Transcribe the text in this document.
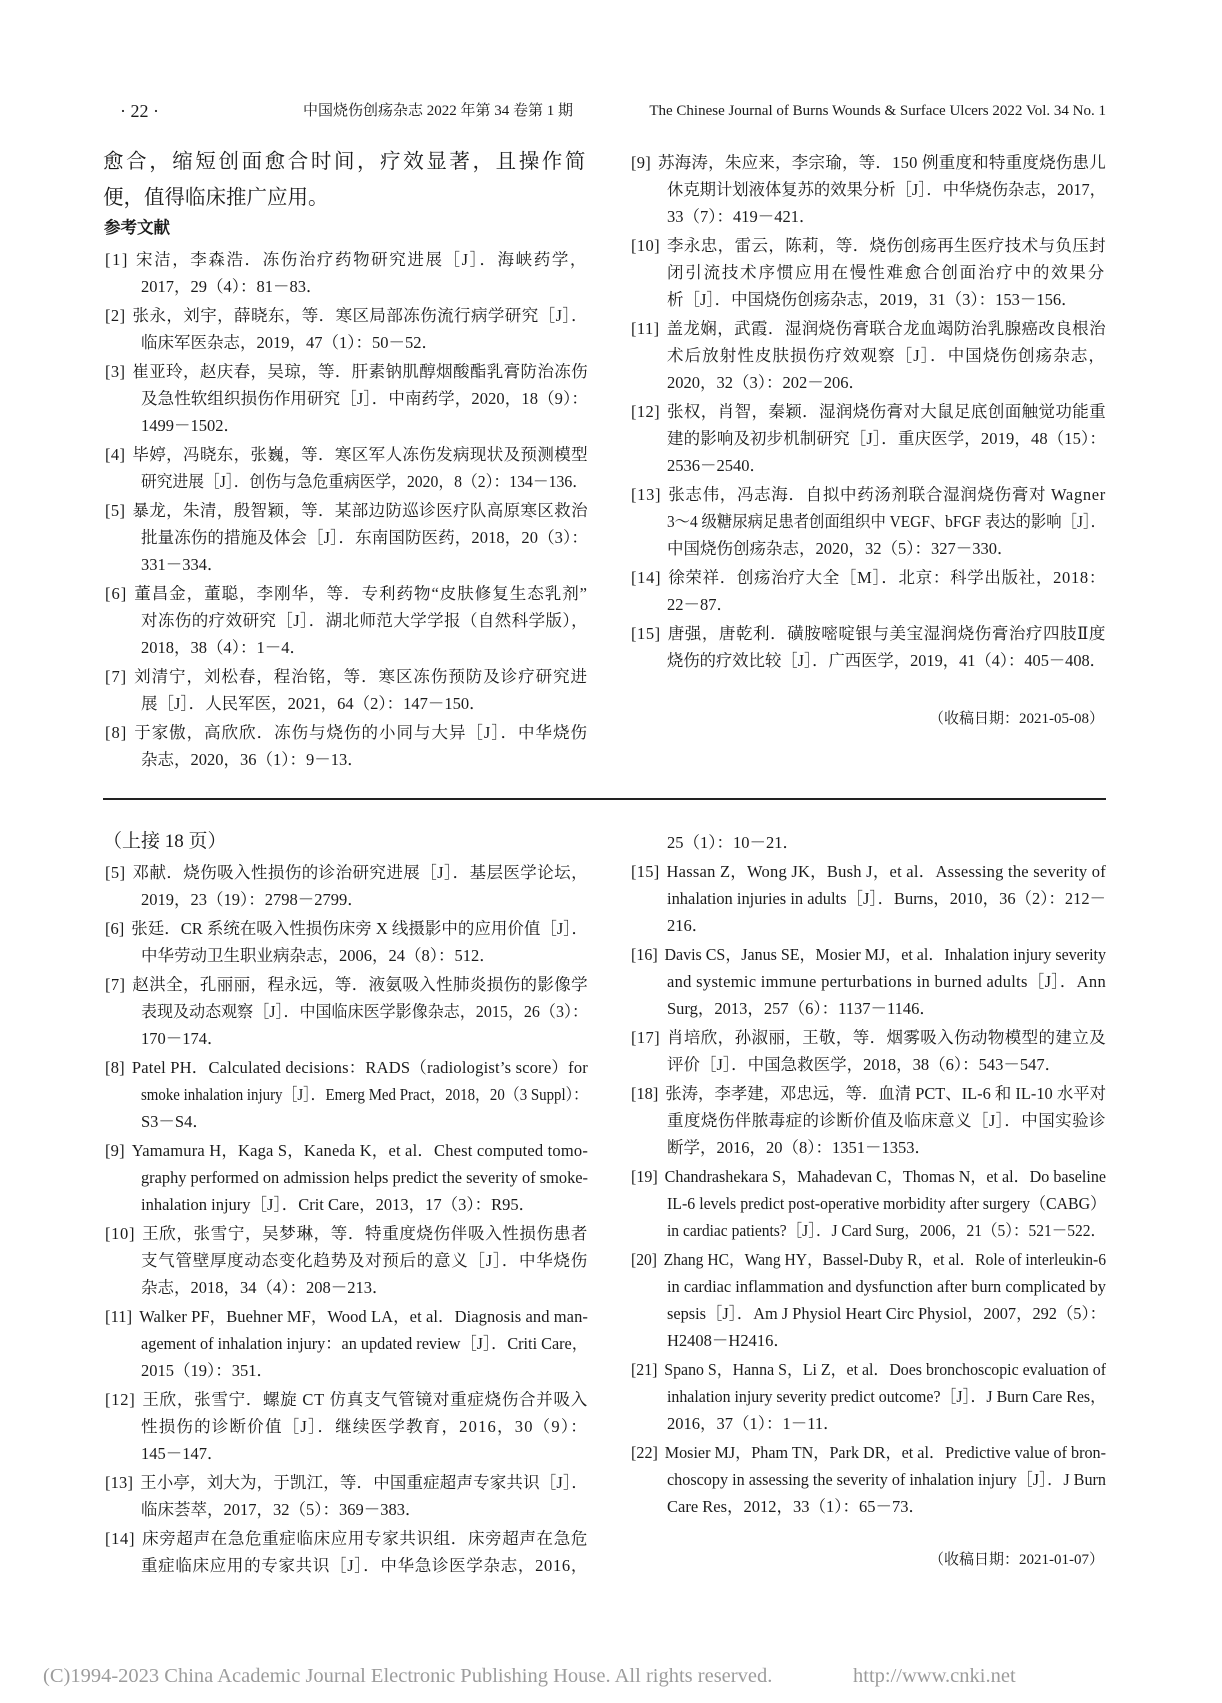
· 22 ·	中国烧伤创疡杂志 2022 年第 34 卷第 1 期	The Chinese Journal of Burns Wounds & Surface Ulcers 2022 Vol. 34 No. 1
愈合，缩短创面愈合时间，疗效显著，且操作简
便，值得临床推广应用。
参考文献
[1] 宋洁，李森浩．冻伤治疗药物研究进展［J］．海峡药学，
2017，29（4）：81－83．
[2] 张永，刘宇，薛晓东，等．寒区局部冻伤流行病学研究［J］．
临床军医杂志，2019，47（1）：50－52．
[3] 崔亚玲，赵庆春，吴琼，等．肝素钠肌醇烟酸酯乳膏防治冻伤
及急性软组织损伤作用研究［J］．中南药学，2020，18（9）：
1499－1502．
[4] 毕婷，冯晓东，张巍，等．寒区军人冻伤发病现状及预测模型
研究进展［J］．创伤与急危重病医学，2020，8（2）：134－136．
[5] 暴龙，朱清，殷智颖，等．某部边防巡诊医疗队高原寒区救治
批量冻伤的措施及体会［J］．东南国防医药，2018，20（3）：
331－334．
[6] 董昌金，董聪，李刚华，等．专利药物“皮肤修复生态乳剂”
对冻伤的疗效研究［J］．湖北师范大学学报（自然科学版），
2018，38（4）：1－4．
[7] 刘清宁，刘松春，程治铭，等．寒区冻伤预防及诊疗研究进
展［J］．人民军医，2021，64（2）：147－150．
[8] 于家傲，高欣欣．冻伤与烧伤的小同与大异［J］．中华烧伤
杂志，2020，36（1）：9－13．
[9] 苏海涛，朱应来，李宗瑜，等．150 例重度和特重度烧伤患儿
休克期计划液体复苏的效果分析［J］．中华烧伤杂志，2017，
33（7）：419－421．
[10] 李永忠，雷云，陈莉，等．烧伤创疡再生医疗技术与负压封
闭引流技术序惯应用在慢性难愈合创面治疗中的效果分
析［J］．中国烧伤创疡杂志，2019，31（3）：153－156．
[11] 盖龙娴，武霞．湿润烧伤膏联合龙血竭防治乳腺癌改良根治
术后放射性皮肤损伤疗效观察［J］．中国烧伤创疡杂志，
2020，32（3）：202－206．
[12] 张权，肖智，秦颖．湿润烧伤膏对大鼠足底创面触觉功能重
建的影响及初步机制研究［J］．重庆医学，2019，48（15）：
2536－2540．
[13] 张志伟，冯志海．自拟中药汤剂联合湿润烧伤膏对 Wagner
3～4 级糖尿病足患者创面组织中 VEGF、bFGF 表达的影响［J］．
中国烧伤创疡杂志，2020，32（5）：327－330．
[14] 徐荣祥．创疡治疗大全［M］．北京：科学出版社，2018：
22－87．
[15] 唐强，唐乾利．磺胺嘧啶银与美宝湿润烧伤膏治疗四肢Ⅱ度
烧伤的疗效比较［J］．广西医学，2019，41（4）：405－408．
（收稿日期：2021-05-08）
（上接 18 页）
[5] 邓献．烧伤吸入性损伤的诊治研究进展［J］．基层医学论坛，
2019，23（19）：2798－2799．
[6] 张廷．CR 系统在吸入性损伤床旁 X 线摄影中的应用价值［J］．
中华劳动卫生职业病杂志，2006，24（8）：512．
[7] 赵洪全，孔丽丽，程永远，等．液氨吸入性肺炎损伤的影像学
表现及动态观察［J］．中国临床医学影像杂志，2015，26（3）：
170－174．
[8] Patel PH．Calculated decisions：RADS（radiologist’s score）for
smoke inhalation injury［J］．Emerg Med Pract，2018，20（3 Suppl）：
S3－S4．
[9] Yamamura H，Kaga S，Kaneda K，et al．Chest computed tomo-
graphy performed on admission helps predict the severity of smoke-
inhalation injury［J］．Crit Care，2013，17（3）：R95．
[10] 王欣，张雪宁，吴梦琳，等．特重度烧伤伴吸入性损伤患者
支气管壁厚度动态变化趋势及对预后的意义［J］．中华烧伤
杂志，2018，34（4）：208－213．
[11] Walker PF，Buehner MF，Wood LA，et al．Diagnosis and man-
agement of inhalation injury：an updated review［J］．Criti Care，
2015（19）：351．
[12] 王欣，张雪宁．螺旋 CT 仿真支气管镜对重症烧伤合并吸入
性损伤的诊断价值［J］．继续医学教育，2016，30（9）：
145－147．
[13] 王小亭，刘大为，于凯江，等．中国重症超声专家共识［J］．
临床荟萃，2017，32（5）：369－383．
[14] 床旁超声在急危重症临床应用专家共识组．床旁超声在急危
重症临床应用的专家共识［J］．中华急诊医学杂志，2016，
25（1）：10－21．
[15] Hassan Z，Wong JK，Bush J，et al．Assessing the severity of
inhalation injuries in adults［J］．Burns，2010，36（2）：212－
216．
[16] Davis CS，Janus SE，Mosier MJ，et al．Inhalation injury severity
and systemic immune perturbations in burned adults［J］．Ann
Surg，2013，257（6）：1137－1146．
[17] 肖培欣，孙淑丽，王敬，等．烟雾吸入伤动物模型的建立及
评价［J］．中国急救医学，2018，38（6）：543－547．
[18] 张涛，李孝建，邓忠远，等．血清 PCT、IL-6 和 IL-10 水平对
重度烧伤伴脓毒症的诊断价值及临床意义［J］．中国实验诊
断学，2016，20（8）：1351－1353．
[19] Chandrashekara S，Mahadevan C，Thomas N，et al．Do baseline
IL-6 levels predict post-operative morbidity after surgery（CABG）
in cardiac patients?［J］．J Card Surg，2006，21（5）：521－522．
[20] Zhang HC，Wang HY，Bassel-Duby R，et al．Role of interleukin-6
in cardiac inflammation and dysfunction after burn complicated by
sepsis［J］．Am J Physiol Heart Circ Physiol，2007，292（5）：
H2408－H2416．
[21] Spano S，Hanna S，Li Z，et al．Does bronchoscopic evaluation of
inhalation injury severity predict outcome?［J］．J Burn Care Res，
2016，37（1）：1－11．
[22] Mosier MJ，Pham TN，Park DR，et al．Predictive value of bron-
choscopy in assessing the severity of inhalation injury［J］．J Burn
Care Res，2012，33（1）：65－73．
（收稿日期：2021-01-07）
(C)1994-2023 China Academic Journal Electronic Publishing House. All rights reserved.	http://www.cnki.net
